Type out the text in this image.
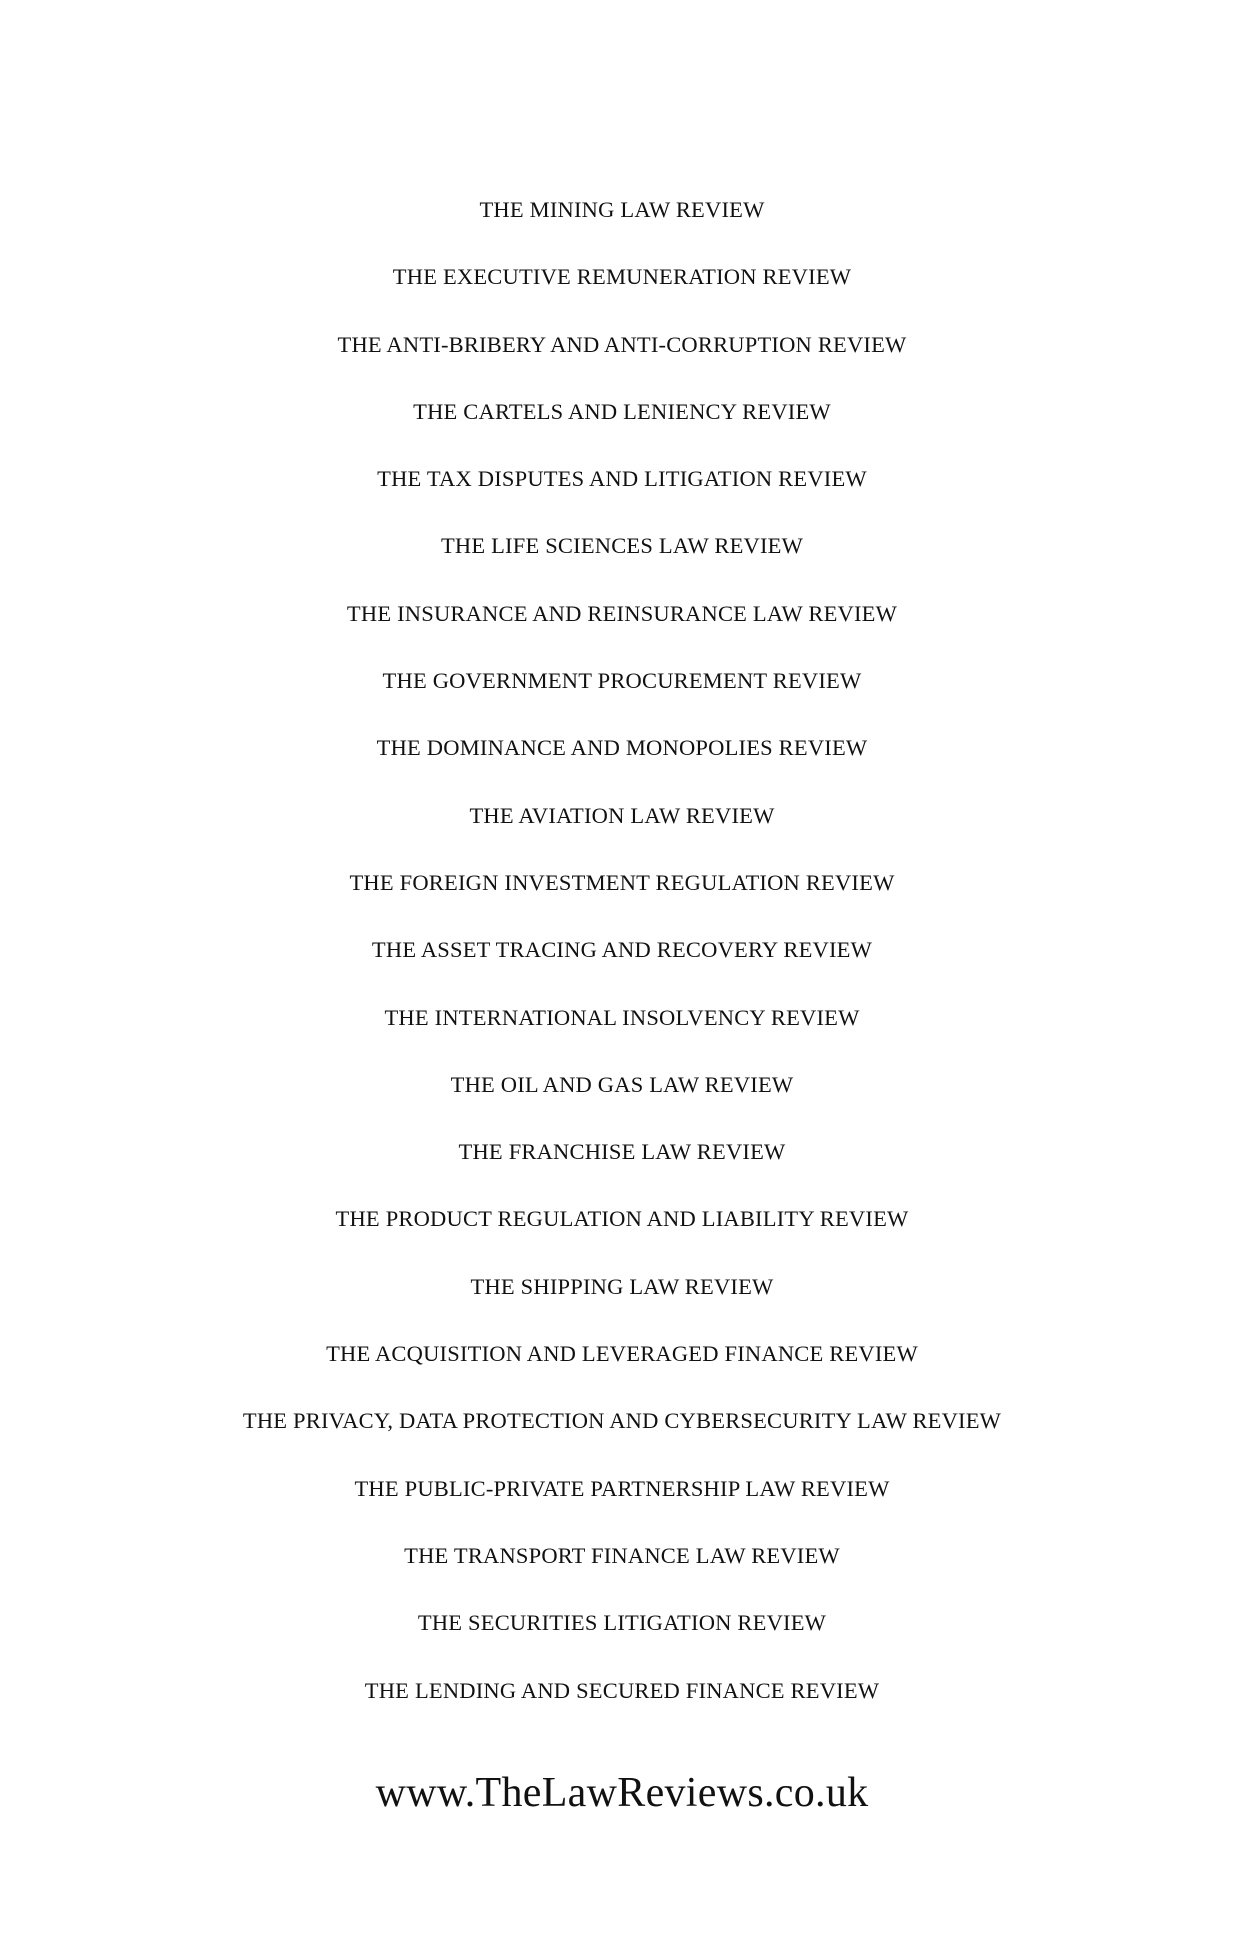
THE MINING LAW REVIEW
THE EXECUTIVE REMUNERATION REVIEW
THE ANTI-BRIBERY AND ANTI-CORRUPTION REVIEW
THE CARTELS AND LENIENCY REVIEW
THE TAX DISPUTES AND LITIGATION REVIEW
THE LIFE SCIENCES LAW REVIEW
THE INSURANCE AND REINSURANCE LAW REVIEW
THE GOVERNMENT PROCUREMENT REVIEW
THE DOMINANCE AND MONOPOLIES REVIEW
THE AVIATION LAW REVIEW
THE FOREIGN INVESTMENT REGULATION REVIEW
THE ASSET TRACING AND RECOVERY REVIEW
THE INTERNATIONAL INSOLVENCY REVIEW
THE OIL AND GAS LAW REVIEW
THE FRANCHISE LAW REVIEW
THE PRODUCT REGULATION AND LIABILITY REVIEW
THE SHIPPING LAW REVIEW
THE ACQUISITION AND LEVERAGED FINANCE REVIEW
THE PRIVACY, DATA PROTECTION AND CYBERSECURITY LAW REVIEW
THE PUBLIC-PRIVATE PARTNERSHIP LAW REVIEW
THE TRANSPORT FINANCE LAW REVIEW
THE SECURITIES LITIGATION REVIEW
THE LENDING AND SECURED FINANCE REVIEW
www.TheLawReviews.co.uk
